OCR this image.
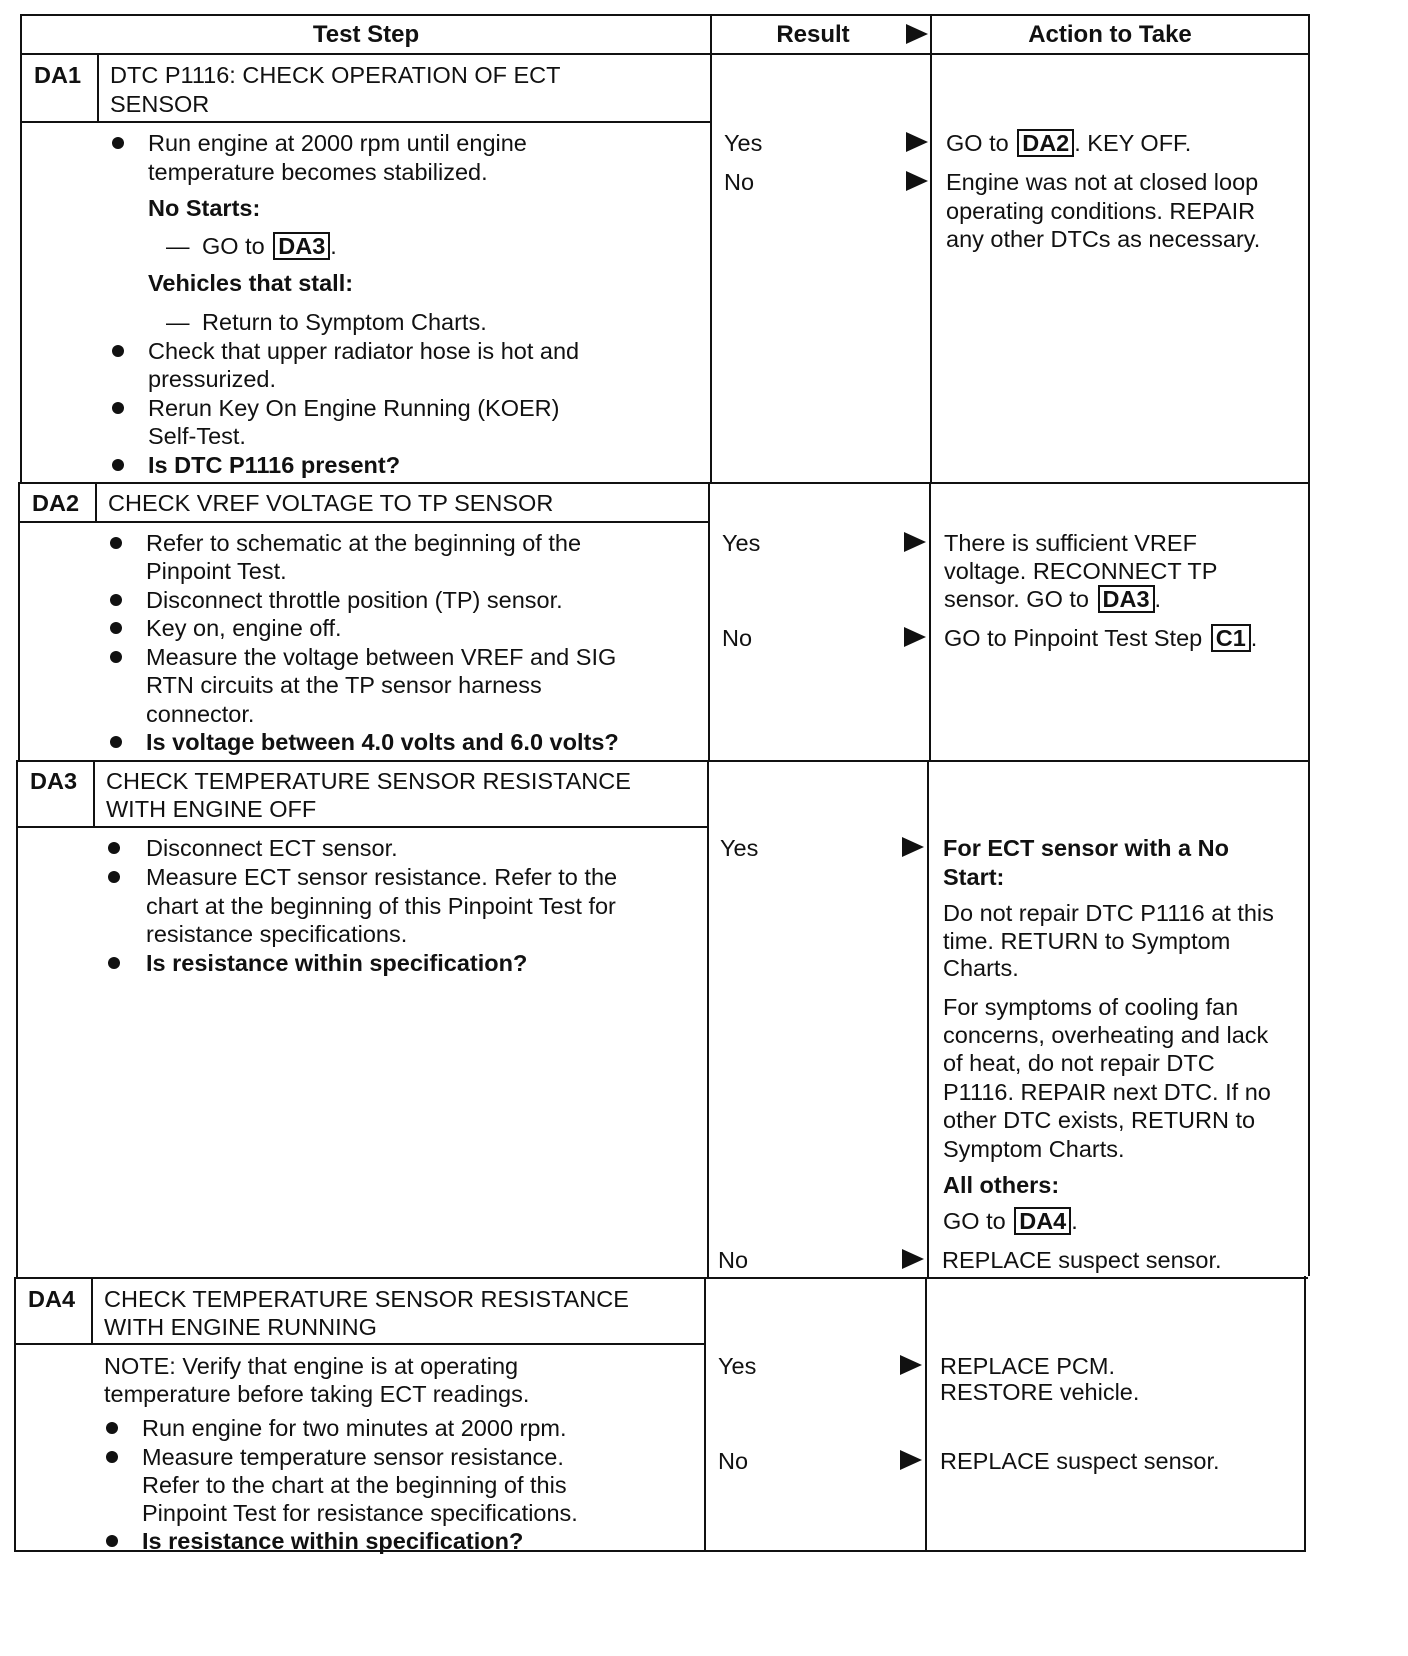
Test Step	Result	Action to Take
DA1 DTC P1116: CHECK OPERATION OF ECT
SENSOR
Run engine at 2000 rpm until engine
temperature becomes stabilized.
No Starts:
— GO to DA3 .
Vehicles that stall:
— Return to Symptom Charts.
Check that upper radiator hose is hot and
pressurized.
Rerun Key On Engine Running (KOER)
Self-Test.
Is DTC P1116 present?
Yes
No
GO to DA2 . KEY OFF.
Engine was not at closed loop
operating conditions. REPAIR
any other DTCs as necessary.
DA2 CHECK VREF VOLTAGE TO TP SENSOR
Refer to schematic at the beginning of the
Pinpoint Test.
Disconnect throttle position (TP) sensor.
Key on, engine off.
Measure the voltage between VREF and SIG
RTN circuits at the TP sensor harness
connector.
Is voltage between 4.0 volts and 6.0 volts?
Yes
No
There is sufficient VREF
voltage. RECONNECT TP
sensor. GO to DA3 .
GO to Pinpoint Test Step C1 .
DA3 CHECK TEMPERATURE SENSOR RESISTANCE
WITH ENGINE OFF
Disconnect ECT sensor.
Measure ECT sensor resistance. Refer to the
chart at the beginning of this Pinpoint Test for
resistance specifications.
Is resistance within specification?
Yes
No
For ECT sensor with a No
Start:
Do not repair DTC P1116 at this
time. RETURN to Symptom
Charts.
For symptoms of cooling fan
concerns, overheating and lack
of heat, do not repair DTC
P1116. REPAIR next DTC. If no
other DTC exists, RETURN to
Symptom Charts.
All others:
GO to DA4 .
REPLACE suspect sensor.
DA4 CHECK TEMPERATURE SENSOR RESISTANCE
WITH ENGINE RUNNING
NOTE: Verify that engine is at operating
temperature before taking ECT readings.
Run engine for two minutes at 2000 rpm.
Measure temperature sensor resistance.
Refer to the chart at the beginning of this
Pinpoint Test for resistance specifications.
Is resistance within specification?
Yes
No
REPLACE PCM.
RESTORE vehicle.
REPLACE suspect sensor.
